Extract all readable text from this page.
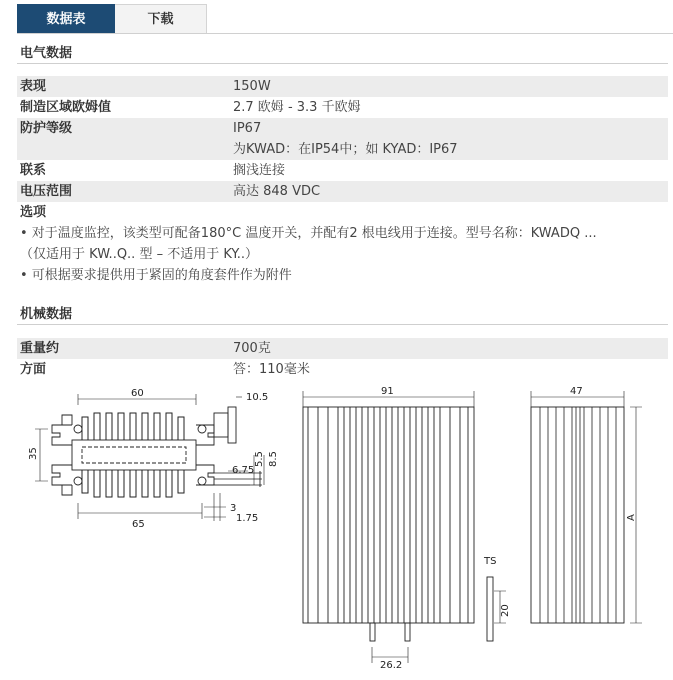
数据表	下载
电气数据
表现	150W
制造区域欧姆值	2.7 欧姆 - 3.3 千欧姆
防护等级	IP67
为KWAD：在IP54中；如 KYAD：IP67
联系	搁浅连接
电压范围	高达 848 VDC
选项
• 对于温度监控，该类型可配备180°C 温度开关，并配有2 根电线用于连接。型号名称：KWADQ ...
（仅适用于 KW..Q.. 型 – 不适用于 KY..）
• 可根据要求提供用于紧固的角度套件作为附件
机械数据
重量约	700克
方面	答：110毫米
60	10.5
35
6.75
5.5 8.5
65
3
1.75
91
26.2
TS
20
47
A
